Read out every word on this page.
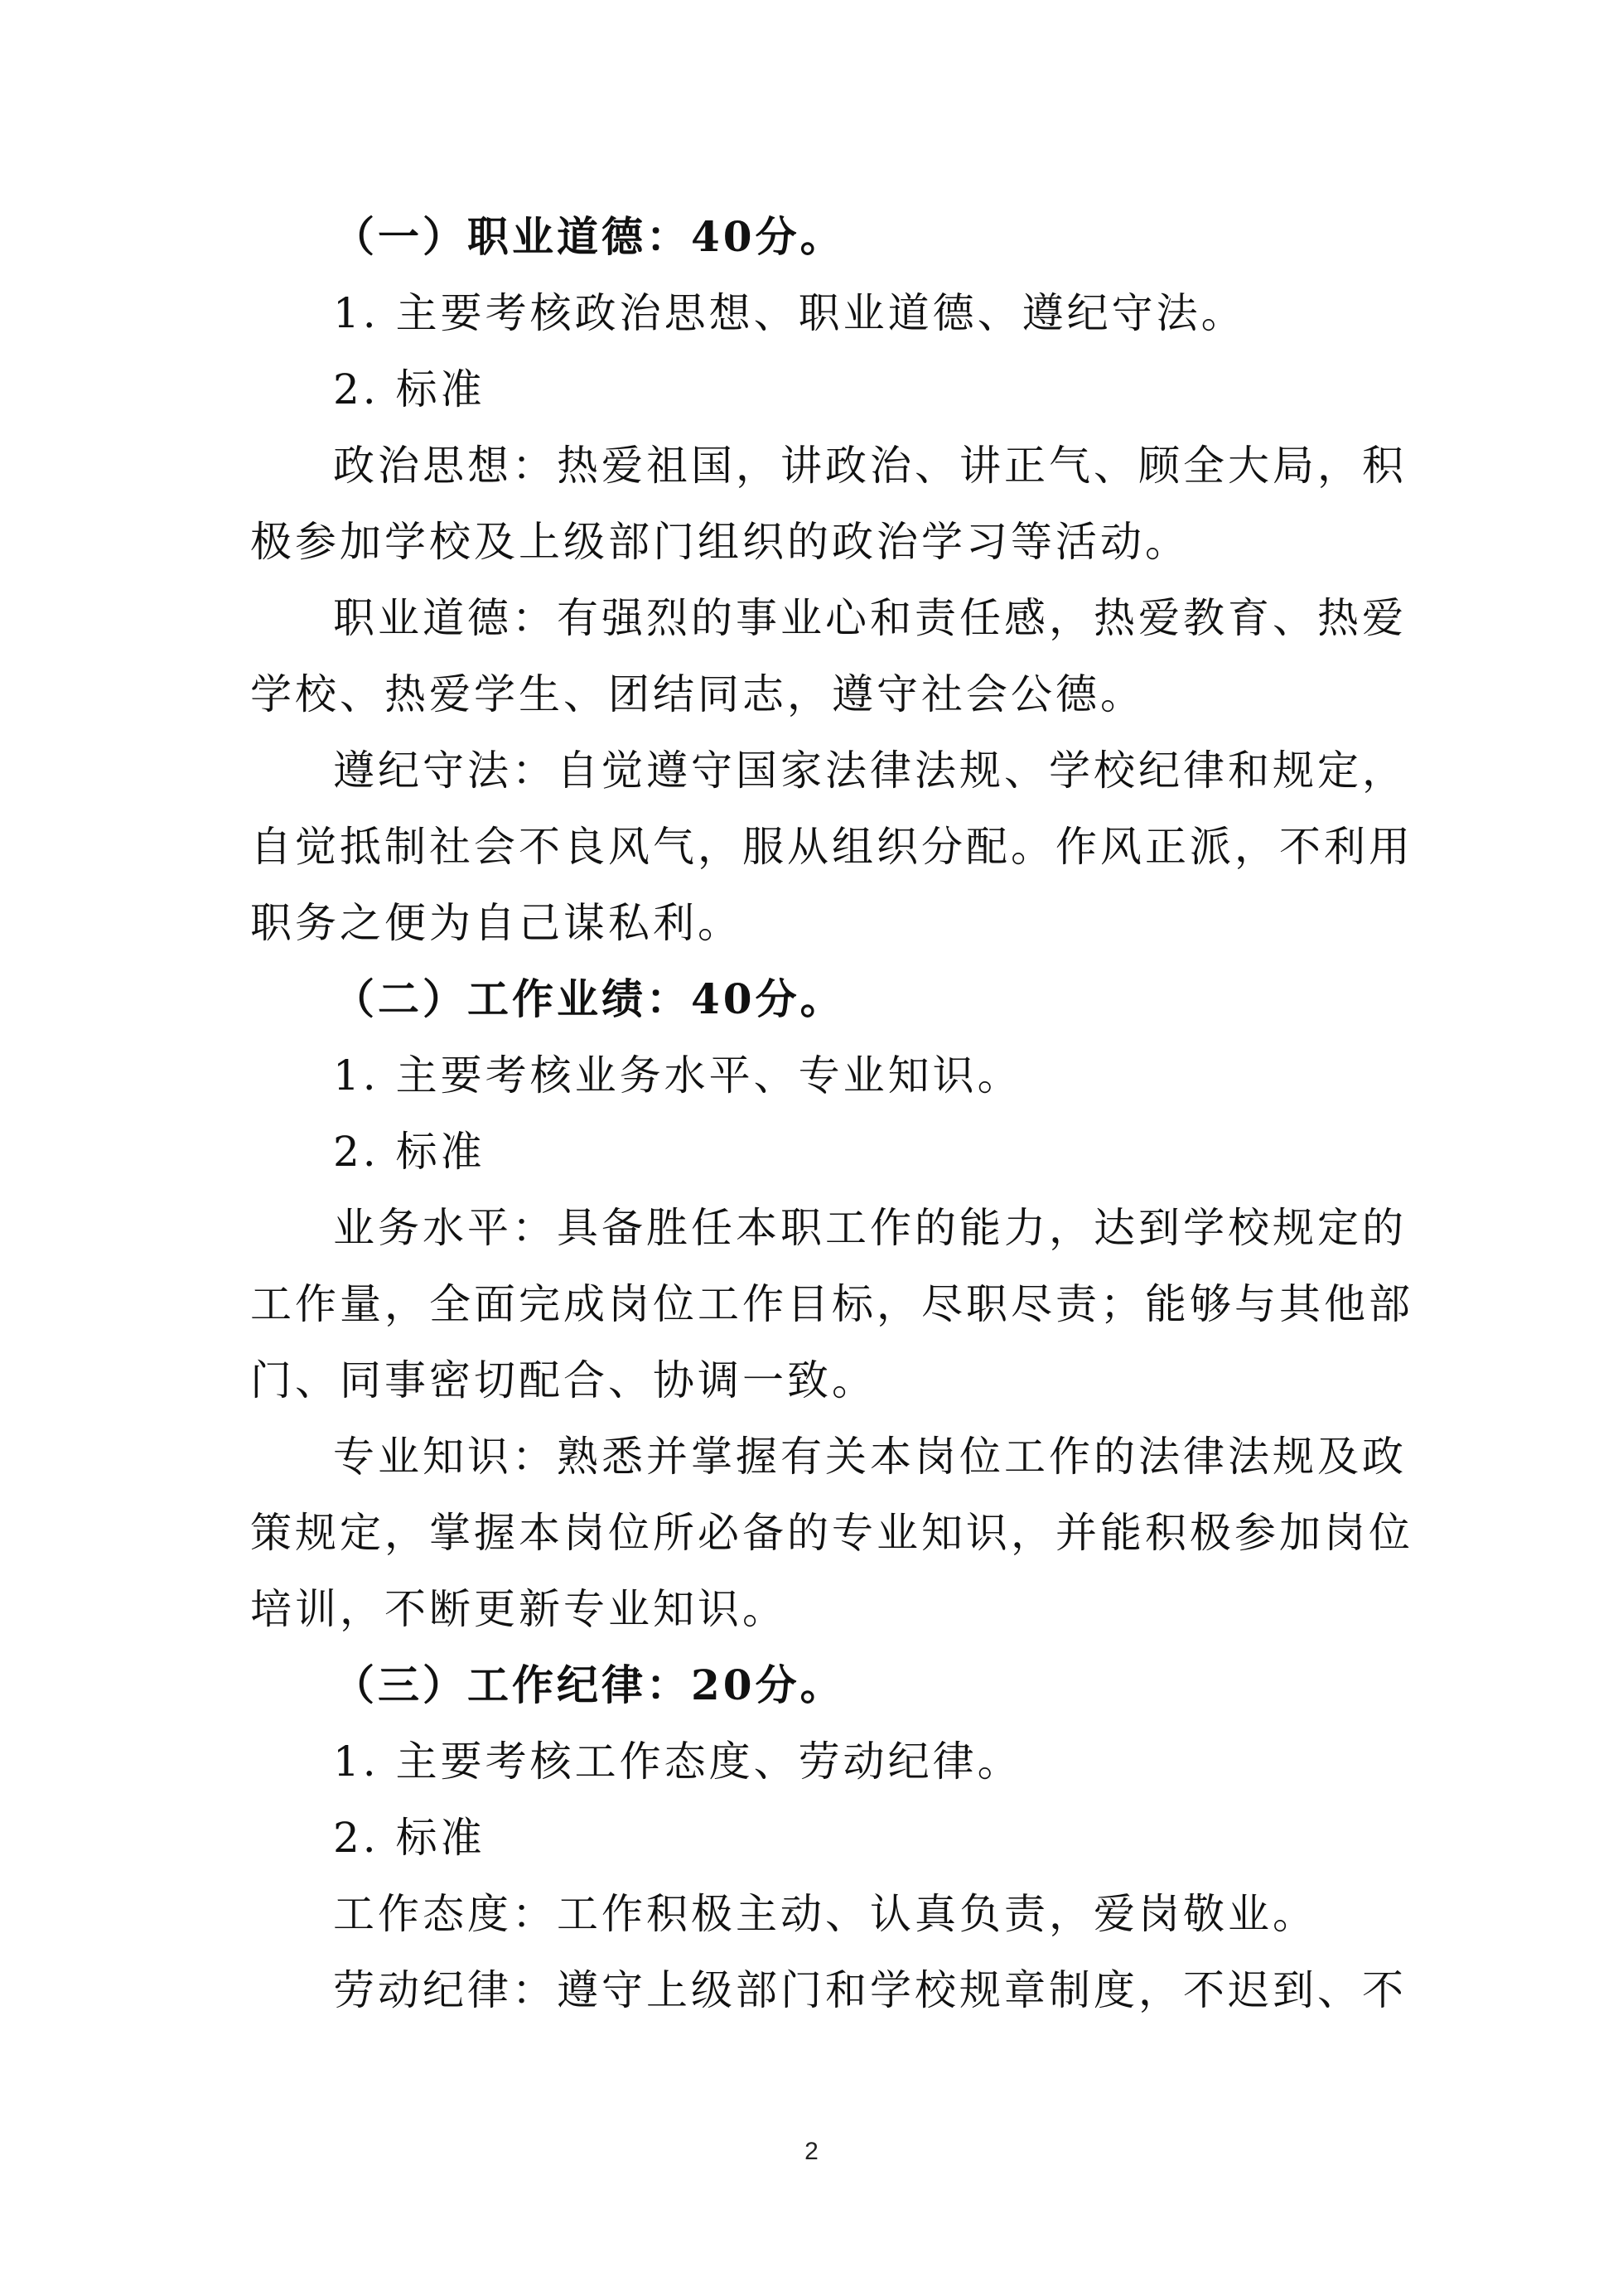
（一）职业道德：40分。
1. 主要考核政治思想、职业道德、遵纪守法。
2. 标准
政治思想：热爱祖国，讲政治、讲正气、顾全大局，积
极参加学校及上级部门组织的政治学习等活动。
职业道德：有强烈的事业心和责任感，热爱教育、热爱
学校、热爱学生、团结同志，遵守社会公德。
遵纪守法：自觉遵守国家法律法规、学校纪律和规定，
自觉抵制社会不良风气，服从组织分配。作风正派，不利用
职务之便为自己谋私利。
（二）工作业绩：40分。
1. 主要考核业务水平、专业知识。
2. 标准
业务水平：具备胜任本职工作的能力，达到学校规定的
工作量，全面完成岗位工作目标，尽职尽责；能够与其他部
门、同事密切配合、协调一致。
专业知识：熟悉并掌握有关本岗位工作的法律法规及政
策规定，掌握本岗位所必备的专业知识，并能积极参加岗位
培训，不断更新专业知识。
（三）工作纪律：20分。
1. 主要考核工作态度、劳动纪律。
2. 标准
工作态度：工作积极主动、认真负责，爱岗敬业。
劳动纪律：遵守上级部门和学校规章制度，不迟到、不
2
